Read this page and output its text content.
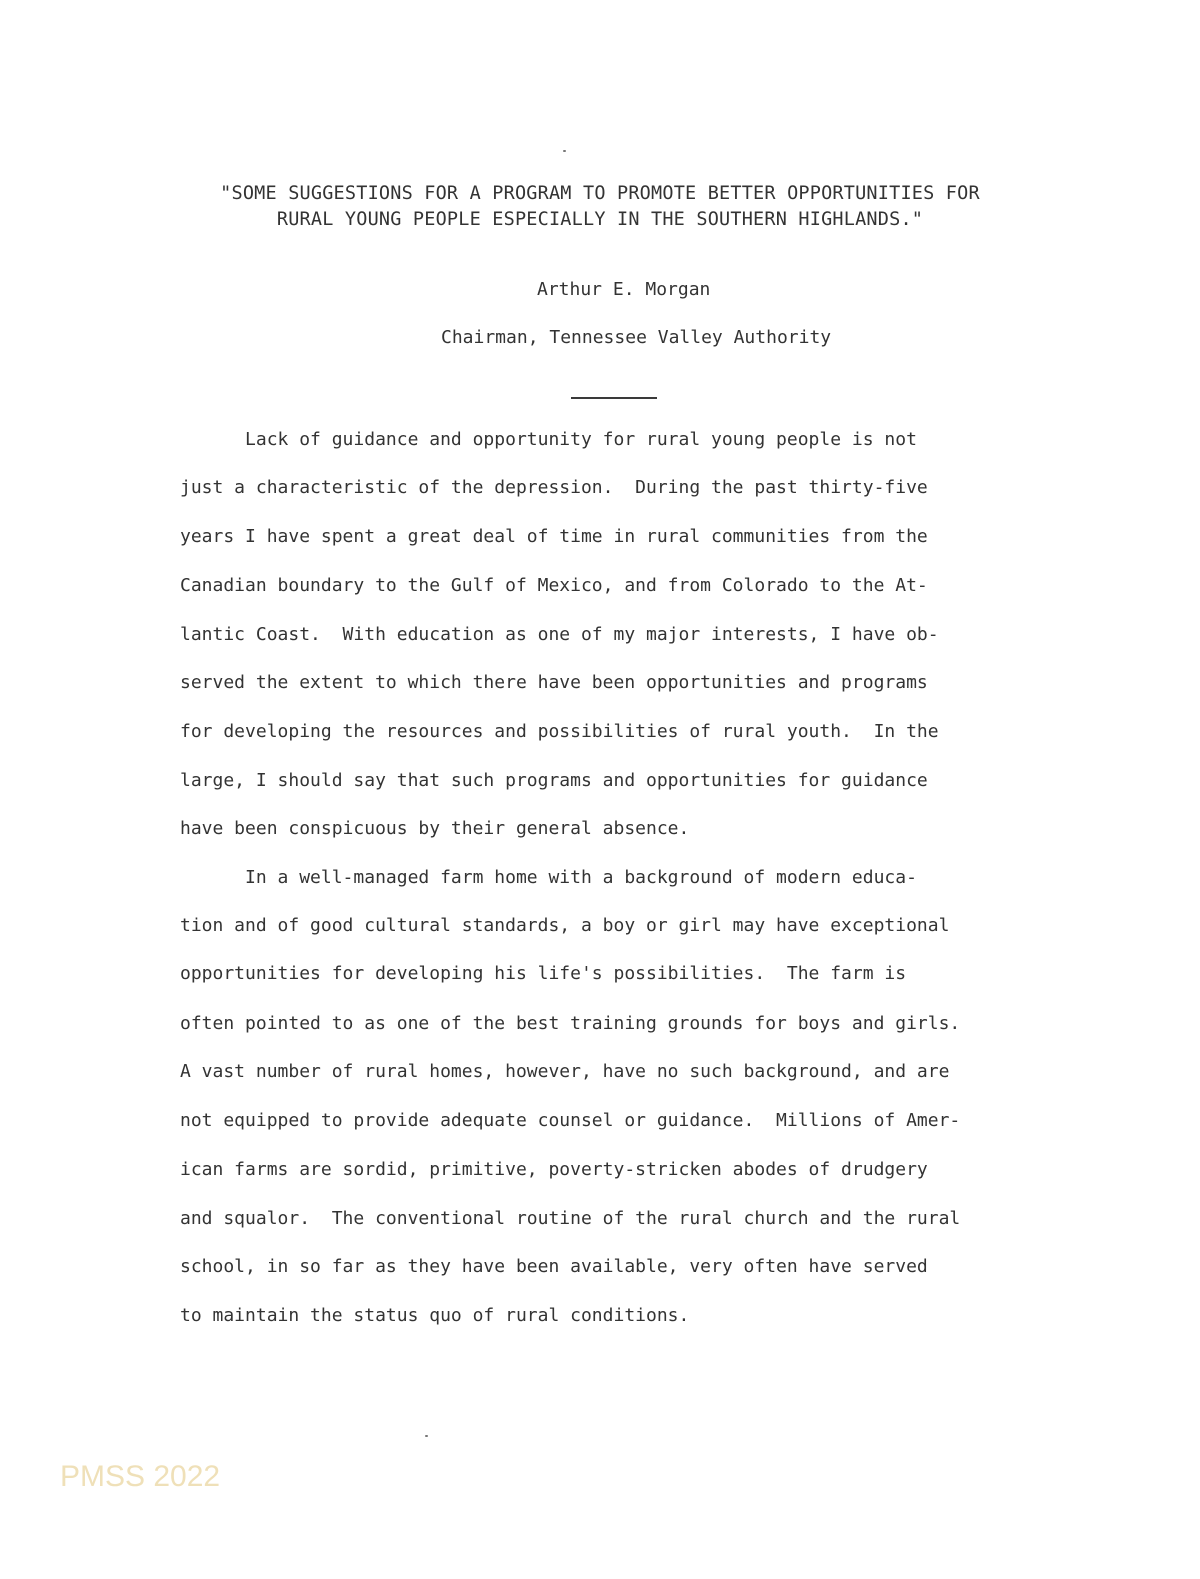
"SOME SUGGESTIONS FOR A PROGRAM TO PROMOTE BETTER OPPORTUNITIES FOR
RURAL YOUNG PEOPLE ESPECIALLY IN THE SOUTHERN HIGHLANDS."
Arthur E. Morgan
Chairman, Tennessee Valley Authority
Lack of guidance and opportunity for rural young people is not
just a characteristic of the depression.  During the past thirty-five
years I have spent a great deal of time in rural communities from the
Canadian boundary to the Gulf of Mexico, and from Colorado to the At-
lantic Coast.  With education as one of my major interests, I have ob-
served the extent to which there have been opportunities and programs
for developing the resources and possibilities of rural youth.  In the
large, I should say that such programs and opportunities for guidance
have been conspicuous by their general absence.
In a well-managed farm home with a background of modern educa-
tion and of good cultural standards, a boy or girl may have exceptional
opportunities for developing his life's possibilities.  The farm is
often pointed to as one of the best training grounds for boys and girls.
A vast number of rural homes, however, have no such background, and are
not equipped to provide adequate counsel or guidance.  Millions of Amer-
ican farms are sordid, primitive, poverty-stricken abodes of drudgery
and squalor.  The conventional routine of the rural church and the rural
school, in so far as they have been available, very often have served
to maintain the status quo of rural conditions.
PMSS 2022
